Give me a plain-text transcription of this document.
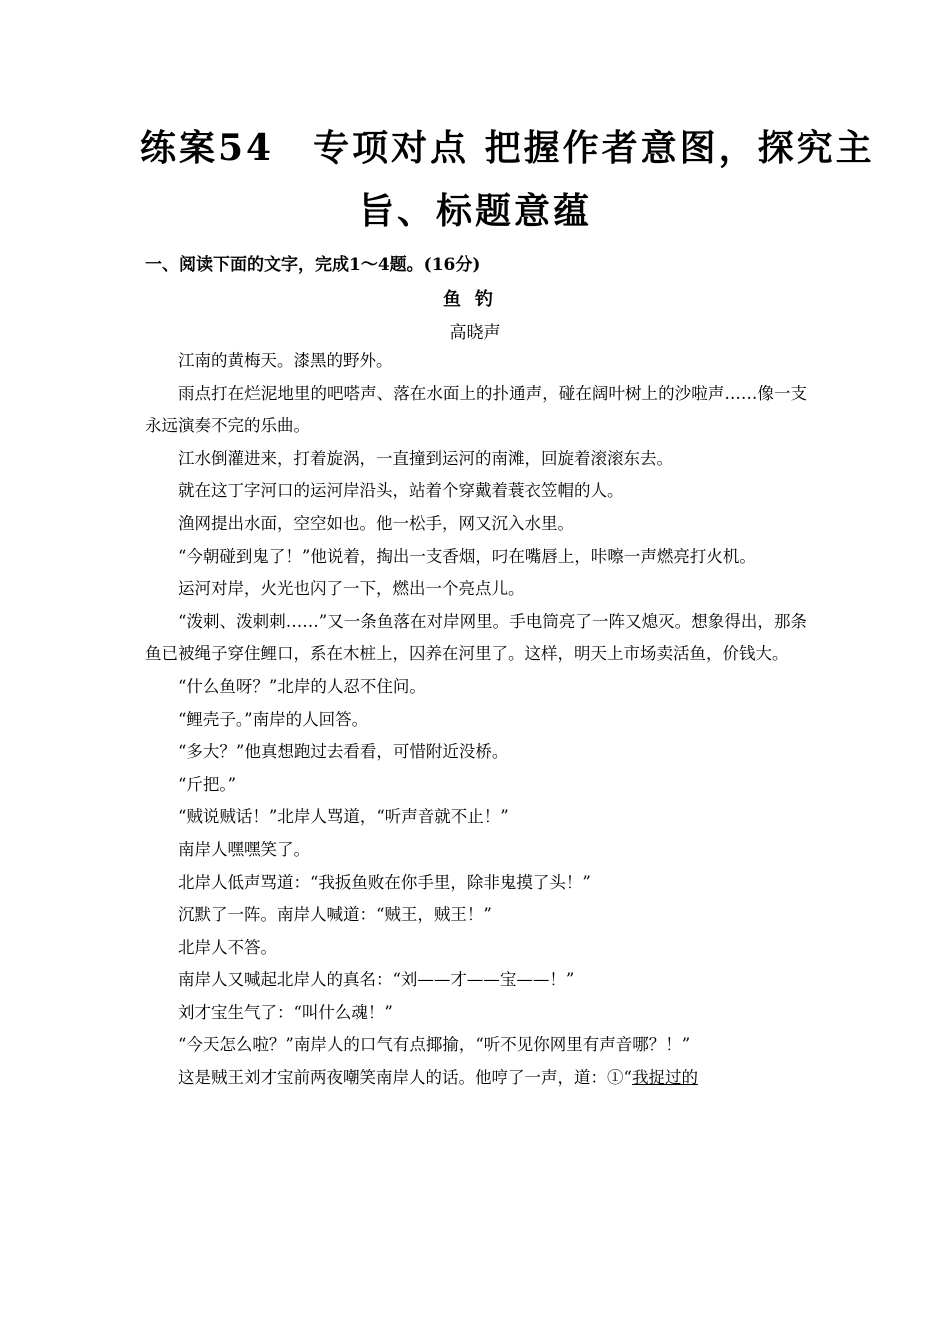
练案54　专项对点 把握作者意图，探究主
旨、标题意蕴
一、阅读下面的文字，完成1～4题。(16分)
鱼钓
高晓声

江南的黄梅天。漆黑的野外。

雨点打在烂泥地里的吧嗒声、落在水面上的扑通声，碰在阔叶树上的沙啦声……像一支永远演奏不完的乐曲。

江水倒灌进来，打着旋涡，一直撞到运河的南滩，回旋着滚滚东去。

就在这丁字河口的运河岸沿头，站着个穿戴着蓑衣笠帽的人。

渔网提出水面，空空如也。他一松手，网又沉入水里。

“今朝碰到鬼了！”他说着，掏出一支香烟，叼在嘴唇上，咔嚓一声燃亮打火机。

运河对岸，火光也闪了一下，燃出一个亮点儿。

“泼刺、泼刺刺……”又一条鱼落在对岸网里。手电筒亮了一阵又熄灭。想象得出，那条鱼已被绳子穿住鲤口，系在木桩上，囚养在河里了。这样，明天上市场卖活鱼，价钱大。

“什么鱼呀？”北岸的人忍不住问。

“鲤壳子。”南岸的人回答。

“多大？”他真想跑过去看看，可惜附近没桥。

“斤把。”

“贼说贼话！”北岸人骂道，“听声音就不止！”

南岸人嘿嘿笑了。

北岸人低声骂道：“我扳鱼败在你手里，除非鬼摸了头！”

沉默了一阵。南岸人喊道：“贼王，贼王！”

北岸人不答。

南岸人又喊起北岸人的真名：“刘——才——宝——！”

刘才宝生气了：“叫什么魂！”

“今天怎么啦？”南岸人的口气有点揶揄，“听不见你网里有声音哪？！”

这是贼王刘才宝前两夜嘲笑南岸人的话。他哼了一声，道：①“我捉过的
